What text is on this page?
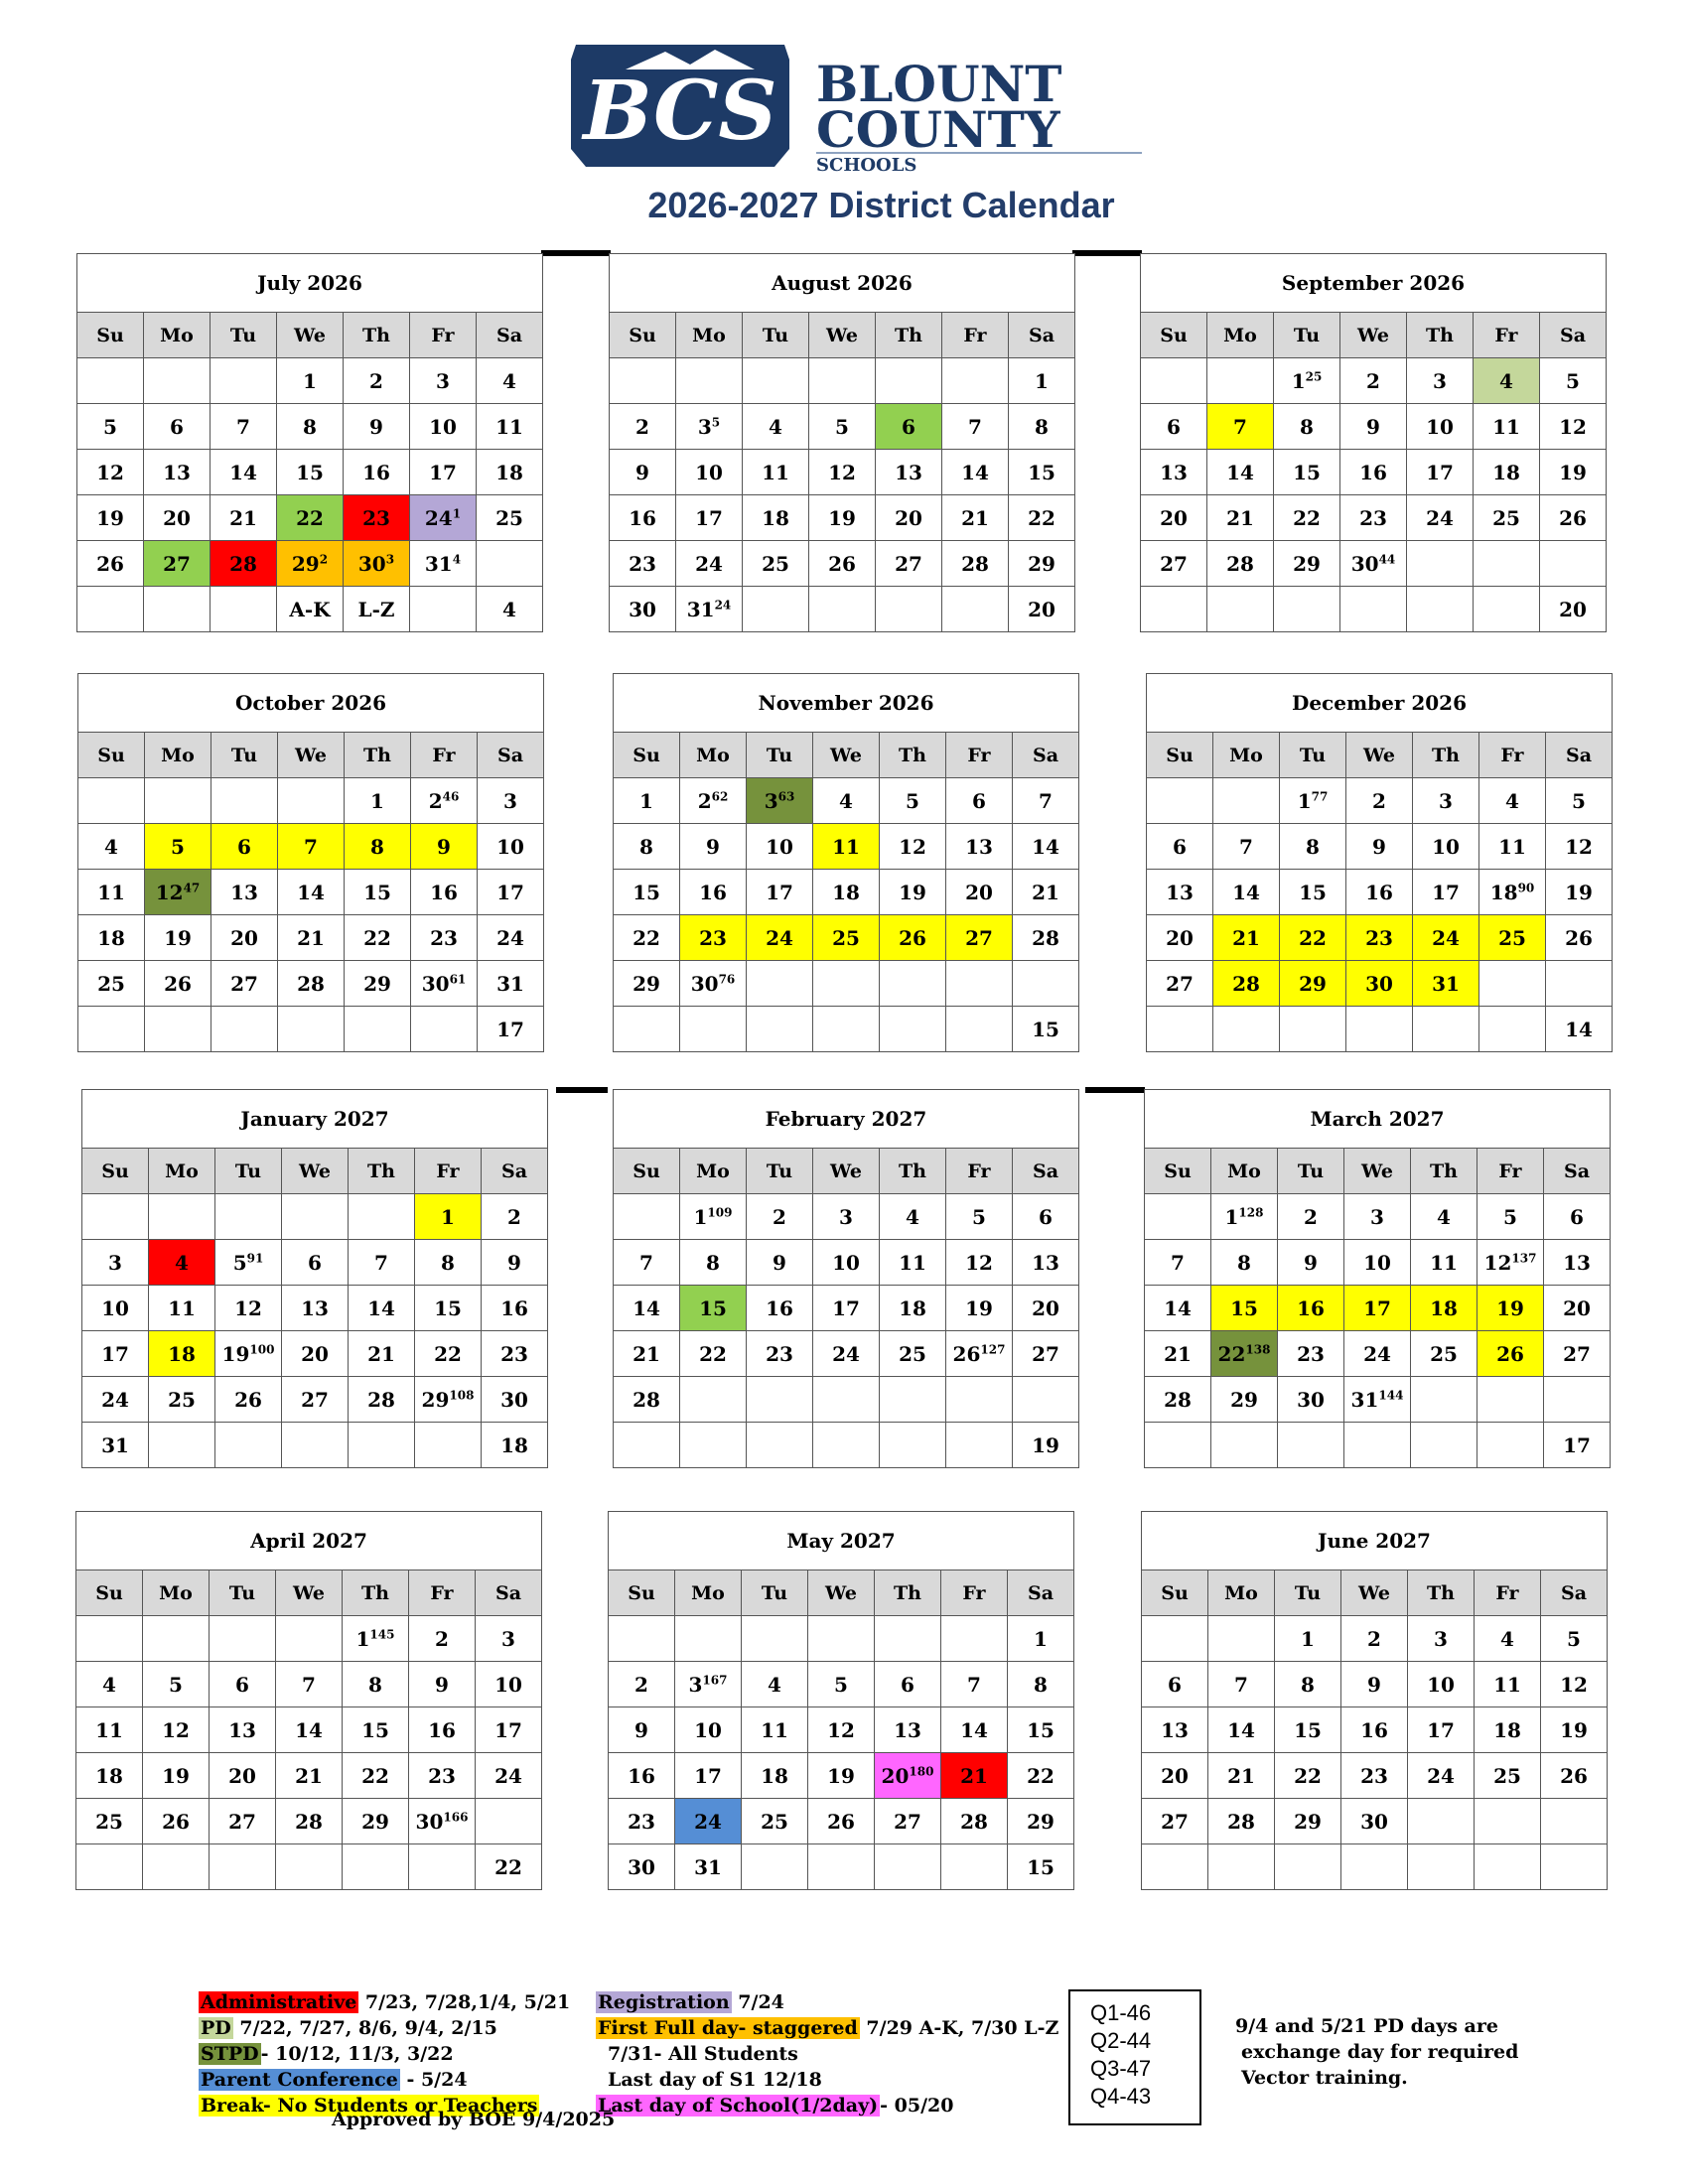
BCS BLOUNT
COUNTY
SCHOOLS
2026-2027 District Calendar
July 2026						
Su	Mo	Tu	We	Th	Fr	Sa
			1	2	3	4
5	6	7	8	9	10	11
12	13	14	15	16	17	18
19	20	21	22	23	$24^1$	25
26	27	28	$29^2$	$30^3$	$31^4$	
			A-K	L-Z		4
August 2026						
Su	Mo	Tu	We	Th	Fr	Sa
						1
2	$3^5$	4	5	6	7	8
9	10	11	12	13	14	15
16	17	18	19	20	21	22
23	24	25	26	27	28	29
30	$31^{24}$					20
September 2026						
Su	Mo	Tu	We	Th	Fr	Sa
		$1^{25}$	2	3	4	5
6	7	8	9	10	11	12
13	14	15	16	17	18	19
20	21	22	23	24	25	26
27	28	29	$30^{44}$			
						20
October 2026						
Su	Mo	Tu	We	Th	Fr	Sa
				1	$2^{46}$	3
4	5	6	7	8	9	10
11	$12^{47}$	13	14	15	16	17
18	19	20	21	22	23	24
25	26	27	28	29	$30^{61}$	31
						17
November 2026						
Su	Mo	Tu	We	Th	Fr	Sa
1	$2^{62}$	$3^{63}$	4	5	6	7
8	9	10	11	12	13	14
15	16	17	18	19	20	21
22	23	24	25	26	27	28
29	$30^{76}$					
						15
December 2026						
Su	Mo	Tu	We	Th	Fr	Sa
		$1^{77}$	2	3	4	5
6	7	8	9	10	11	12
13	14	15	16	17	$18^{90}$	19
20	21	22	23	24	25	26
27	28	29	30	31		
						14
January 2027						
Su	Mo	Tu	We	Th	Fr	Sa
					1	2
3	4	$5^{91}$	6	7	8	9
10	11	12	13	14	15	16
17	18	$19^{100}$	20	21	22	23
24	25	26	27	28	$29^{108}$	30
31						18
February 2027						
Su	Mo	Tu	We	Th	Fr	Sa
	$1^{109}$	2	3	4	5	6
7	8	9	10	11	12	13
14	15	16	17	18	19	20
21	22	23	24	25	$26^{127}$	27
28						
						19
March 2027						
Su	Mo	Tu	We	Th	Fr	Sa
	$1^{128}$	2	3	4	5	6
7	8	9	10	11	$12^{137}$	13
14	15	16	17	18	19	20
21	$22^{138}$	23	24	25	26	27
28	29	30	$31^{144}$			
						17
April 2027						
Su	Mo	Tu	We	Th	Fr	Sa
				$1^{145}$	2	3
4	5	6	7	8	9	10
11	12	13	14	15	16	17
18	19	20	21	22	23	24
25	26	27	28	29	$30^{166}$	
						22
May 2027						
Su	Mo	Tu	We	Th	Fr	Sa
						1
2	$3^{167}$	4	5	6	7	8
9	10	11	12	13	14	15
16	17	18	19	$20^{180}$	21	22
23	24	25	26	27	28	29
30	31					15
June 2027						
Su	Mo	Tu	We	Th	Fr	Sa
		1	2	3	4	5
6	7	8	9	10	11	12
13	14	15	16	17	18	19
20	21	22	23	24	25	26
27	28	29	30			

Administrative 7/23, 7/28,1/4, 5/21	Registration 7/24
PD 7/22, 7/27, 8/6, 9/4, 2/15	First Full day- staggered 7/29 A-K, 7/30 L-Z
STPD - 10/12, 11/3, 3/22	7/31- All Students
Parent Conference - 5/24	Last day of S1 12/18
Break- No Students or Teachers	Last day of School(1/2day) - 05/20
Approved by BOE 9/4/2025
Q1-46
Q2-44
Q3-47
Q4-43
9/4 and 5/21 PD days are
exchange day for required
Vector training.
